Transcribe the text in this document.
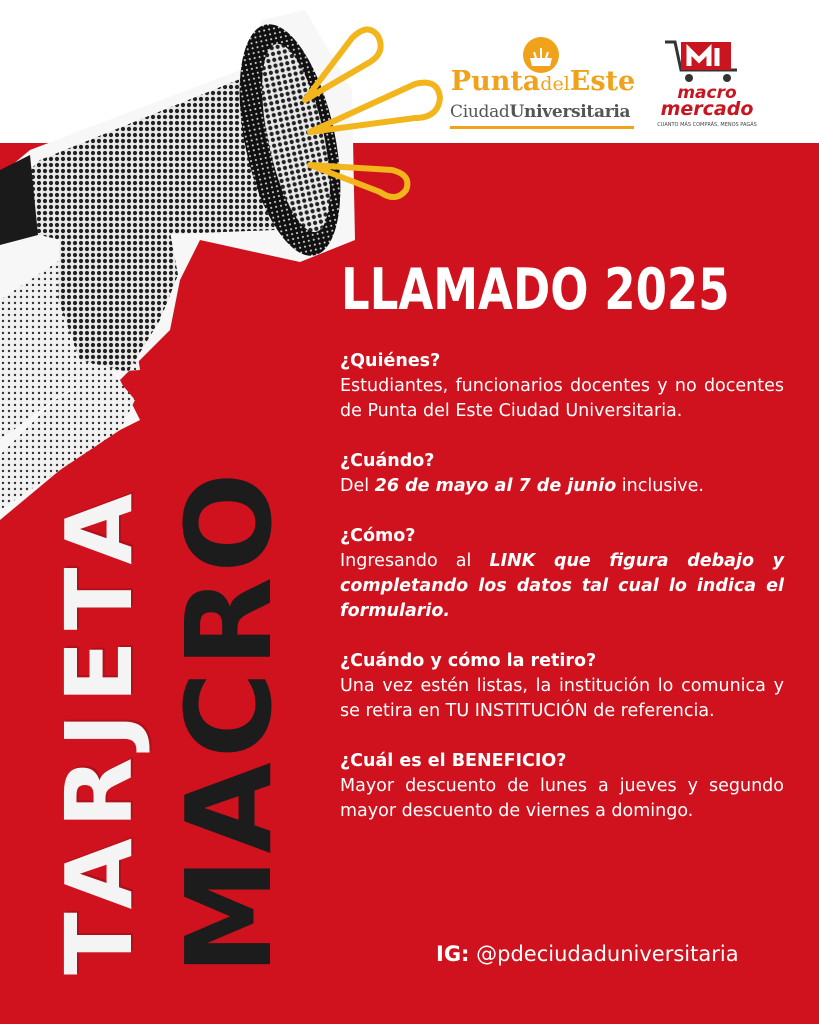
PuntadelEste
CiudadUniversitaria
macro
mercado
CUANTO MÁS COMPRÁS, MENOS PAGÁS
TARJETA MACRO
LLAMADO 2025
¿Quiénes?
Estudiantes, funcionarios docentes y no docentes de Punta del Este Ciudad Universitaria.
¿Cuándo?
Del 26 de mayo al 7 de junio inclusive.
¿Cómo?
Ingresando al LINK que figura debajo y completando los datos tal cual lo indica el formulario.
¿Cuándo y cómo la retiro?
Una vez estén listas, la institución lo comunica y se retira en TU INSTITUCIÓN de referencia.
¿Cuál es el BENEFICIO?
Mayor descuento de lunes a jueves y segundo mayor descuento de viernes a domingo.
IG: @pdeciudaduniversitaria
